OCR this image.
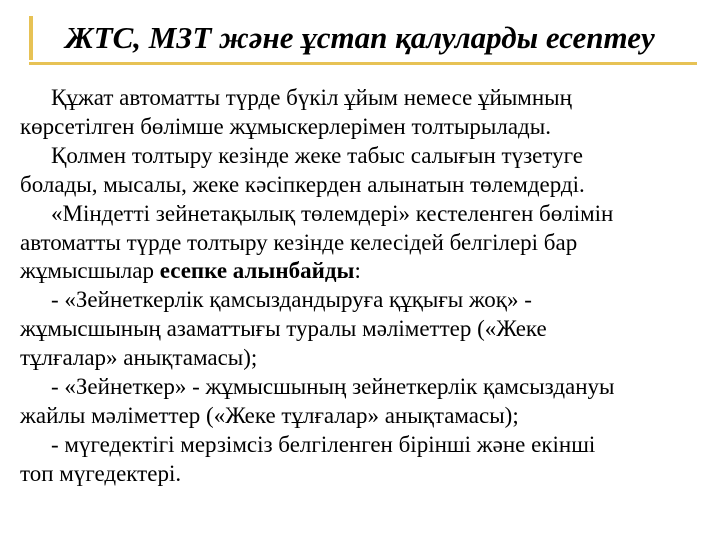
ЖТС, МЗТ және ұстап қалуларды есептеу

Құжат автоматты түрде бүкіл ұйым немесе ұйымның
көрсетілген бөлімше жұмыскерлерімен толтырылады.

Қолмен толтыру кезінде жеке табыс салығын түзетуге
болады, мысалы, жеке кәсіпкерден алынатын төлемдерді.

«Міндетті зейнетақылық төлемдері» кестеленген бөлімін
автоматты түрде толтыру кезінде келесідей белгілері бар
жұмысшылар есепке алынбайды:

- «Зейнеткерлік қамсыздандыруға құқығы жоқ» -
жұмысшының азаматтығы туралы мәліметтер («Жеке
тұлғалар» анықтамасы);

- «Зейнеткер» - жұмысшының зейнеткерлік қамсыздануы
жайлы мәліметтер («Жеке тұлғалар» анықтамасы);

- мүгедектігі мерзімсіз белгіленген бірінші және екінші
топ мүгедектері.
